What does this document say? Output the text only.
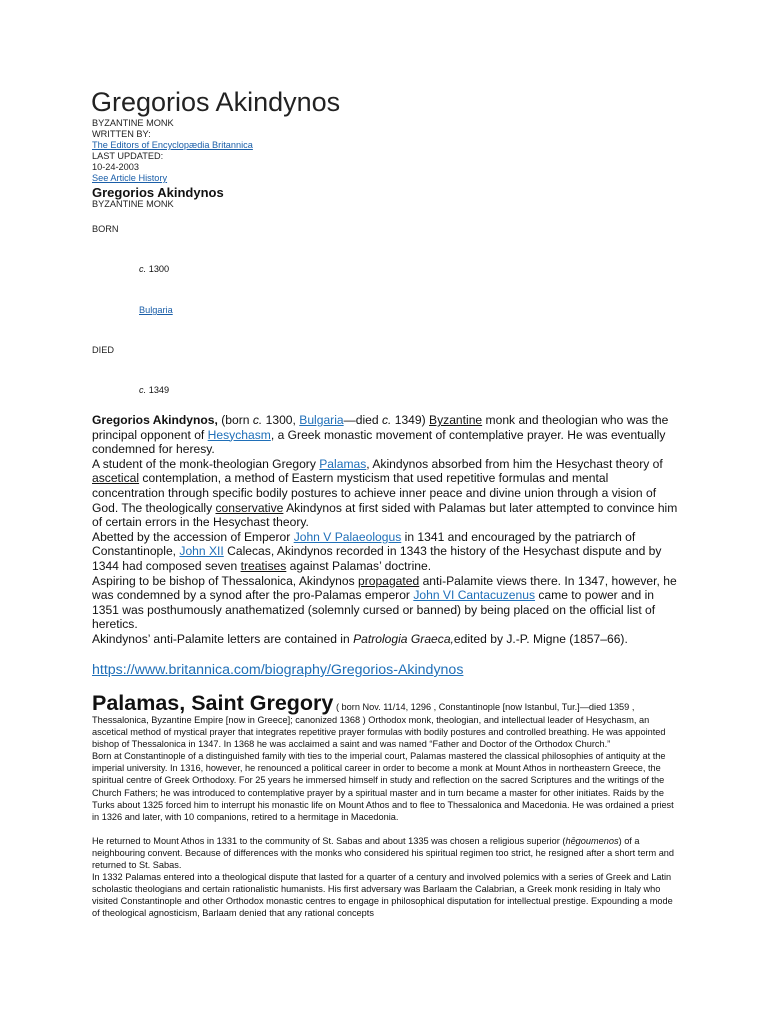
Gregorios Akindynos
BYZANTINE MONK
WRITTEN BY:
The Editors of Encyclopædia Britannica
LAST UPDATED:
10-24-2003
See Article History
Gregorios Akindynos
BYZANTINE MONK
BORN
c. 1300
Bulgaria
DIED
c. 1349

Gregorios Akindynos, (born c. 1300, Bulgaria—died c. 1349) Byzantine monk and theologian who was the principal opponent of Hesychasm, a Greek monastic movement of contemplative prayer. He was eventually condemned for heresy.

A student of the monk-theologian Gregory Palamas, Akindynos absorbed from him the Hesychast theory of ascetical contemplation, a method of Eastern mysticism that used repetitive formulas and mental concentration through specific bodily postures to achieve inner peace and divine union through a vision of God. The theologically conservative Akindynos at first sided with Palamas but later attempted to convince him of certain errors in the Hesychast theory.

Abetted by the accession of Emperor John V Palaeologus in 1341 and encouraged by the patriarch of Constantinople, John XII Calecas, Akindynos recorded in 1343 the history of the Hesychast dispute and by 1344 had composed seven treatises against Palamas’ doctrine.

Aspiring to be bishop of Thessalonica, Akindynos propagated anti-Palamite views there. In 1347, however, he was condemned by a synod after the pro-Palamas emperor John VI Cantacuzenus came to power and in 1351 was posthumously anathematized (solemnly cursed or banned) by being placed on the official list of heretics.

Akindynos’ anti-Palamite letters are contained in Patrologia Graeca,edited by J.-P. Migne (1857–66).

https://www.britannica.com/biography/Gregorios-Akindynos

Palamas, Saint Gregory ( born Nov. 11/14, 1296 , Constantinople [now Istanbul, Tur.]—died 1359 , Thessalonica, Byzantine Empire [now in Greece]; canonized 1368 ) Orthodox monk, theologian, and intellectual leader of Hesychasm, an ascetical method of mystical prayer that integrates repetitive prayer formulas with bodily postures and controlled breathing. He was appointed bishop of Thessalonica in 1347. In 1368 he was acclaimed a saint and was named “Father and Doctor of the Orthodox Church.”

Born at Constantinople of a distinguished family with ties to the imperial court, Palamas mastered the classical philosophies of antiquity at the imperial university. In 1316, however, he renounced a political career in order to become a monk at Mount Athos in northeastern Greece, the spiritual centre of Greek Orthodoxy. For 25 years he immersed himself in study and reflection on the sacred Scriptures and the writings of the Church Fathers; he was introduced to contemplative prayer by a spiritual master and in turn became a master for other initiates. Raids by the Turks about 1325 forced him to interrupt his monastic life on Mount Athos and to flee to Thessalonica and Macedonia. He was ordained a priest in 1326 and later, with 10 companions, retired to a hermitage in Macedonia.

He returned to Mount Athos in 1331 to the community of St. Sabas and about 1335 was chosen a religious superior (hēgoumenos) of a neighbouring convent. Because of differences with the monks who considered his spiritual regimen too strict, he resigned after a short term and returned to St. Sabas.

In 1332 Palamas entered into a theological dispute that lasted for a quarter of a century and involved polemics with a series of Greek and Latin scholastic theologians and certain rationalistic humanists. His first adversary was Barlaam the Calabrian, a Greek monk residing in Italy who visited Constantinople and other Orthodox monastic centres to engage in philosophical disputation for intellectual prestige. Expounding a mode of theological agnosticism, Barlaam denied that any rational concepts
